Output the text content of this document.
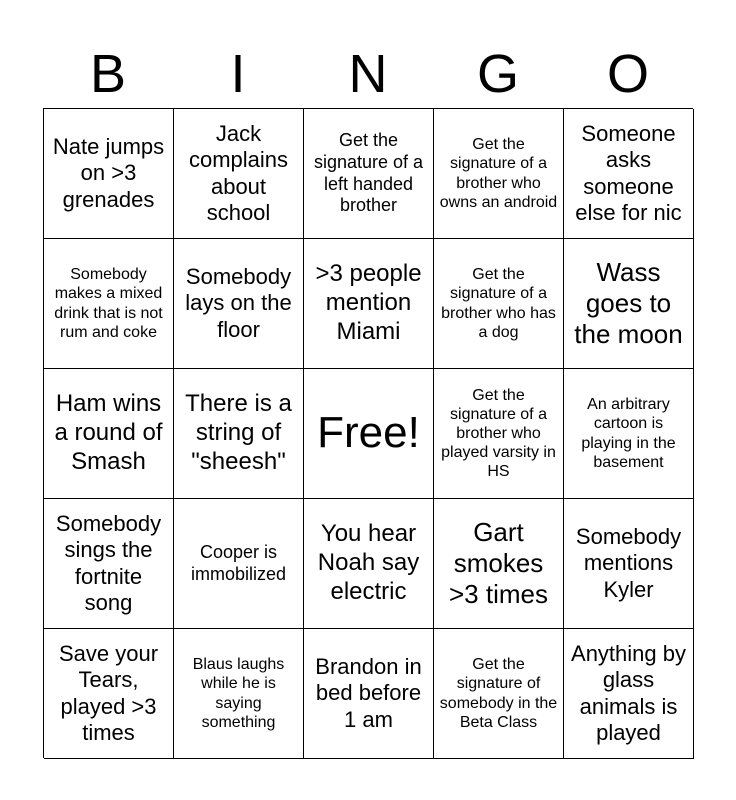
B	I	N	G	O
Nate jumps on >3 grenades
Jack complains about school
Get the signature of a left handed brother
Get the signature of a brother who owns an android
Someone asks someone else for nic
Somebody makes a mixed drink that is not rum and coke
Somebody lays on the floor
>3 people mention Miami
Get the signature of a brother who has a dog
Wass goes to the moon
Ham wins a round of Smash
There is a string of "sheesh"
Free!
Get the signature of a brother who played varsity in HS
An arbitrary cartoon is playing in the basement
Somebody sings the fortnite song
Cooper is immobilized
You hear Noah say electric
Gart smokes >3 times
Somebody mentions Kyler
Save your Tears, played >3 times
Blaus laughs while he is saying something
Brandon in bed before 1 am
Get the signature of somebody in the Beta Class
Anything by glass animals is played
